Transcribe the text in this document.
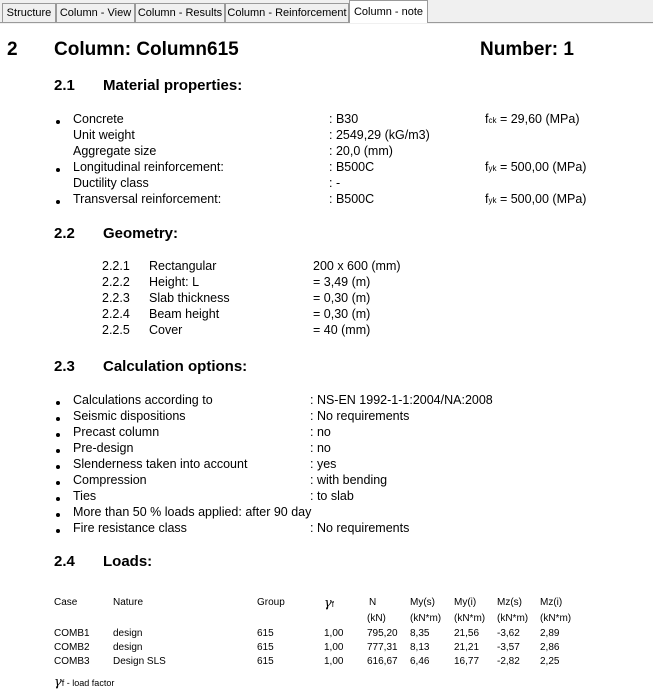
Structure Column - View Column - Results Column - Reinforcement Column - note
2 Column: Column615	Number: 1
2.1 Material properties:
Concrete	: B30	fck = 29,60 (MPa)
Unit weight	: 2549,29 (kG/m3)
Aggregate size	: 20,0 (mm)
Longitudinal reinforcement:	: B500C	fyk = 500,00 (MPa)
Ductility class	: -
Transversal reinforcement:	: B500C	fyk = 500,00 (MPa)
2.2 Geometry:
2.2.1 Rectangular	200 x 600 (mm)
2.2.2 Height: L	= 3,49 (m)
2.2.3 Slab thickness	= 0,30 (m)
2.2.4 Beam height	= 0,30 (m)
2.2.5 Cover	= 40 (mm)
2.3 Calculation options:
Calculations according to	: NS-EN 1992-1-1:2004/NA:2008
Seismic dispositions	: No requirements
Precast column	: no
Pre-design	: no
Slenderness taken into account	: yes
Compression	: with bending
Ties	: to slab
More than 50 % loads applied: after 90 day
Fire resistance class	: No requirements
2.4 Loads:
Case	Nature	Group	γf	N	My(s) My(i) Mz(s) Mz(i)
(kN) (kN*m) (kN*m) (kN*m) (kN*m)
COMB1 design	615	1,00 795,20 8,35 21,56 -3,62 2,89
COMB2 design	615	1,00 777,31 8,13 21,21 -3,57 2,86
COMB3 Design SLS	615	1,00 616,67 6,46 16,77 -2,82 2,25
γf - load factor
